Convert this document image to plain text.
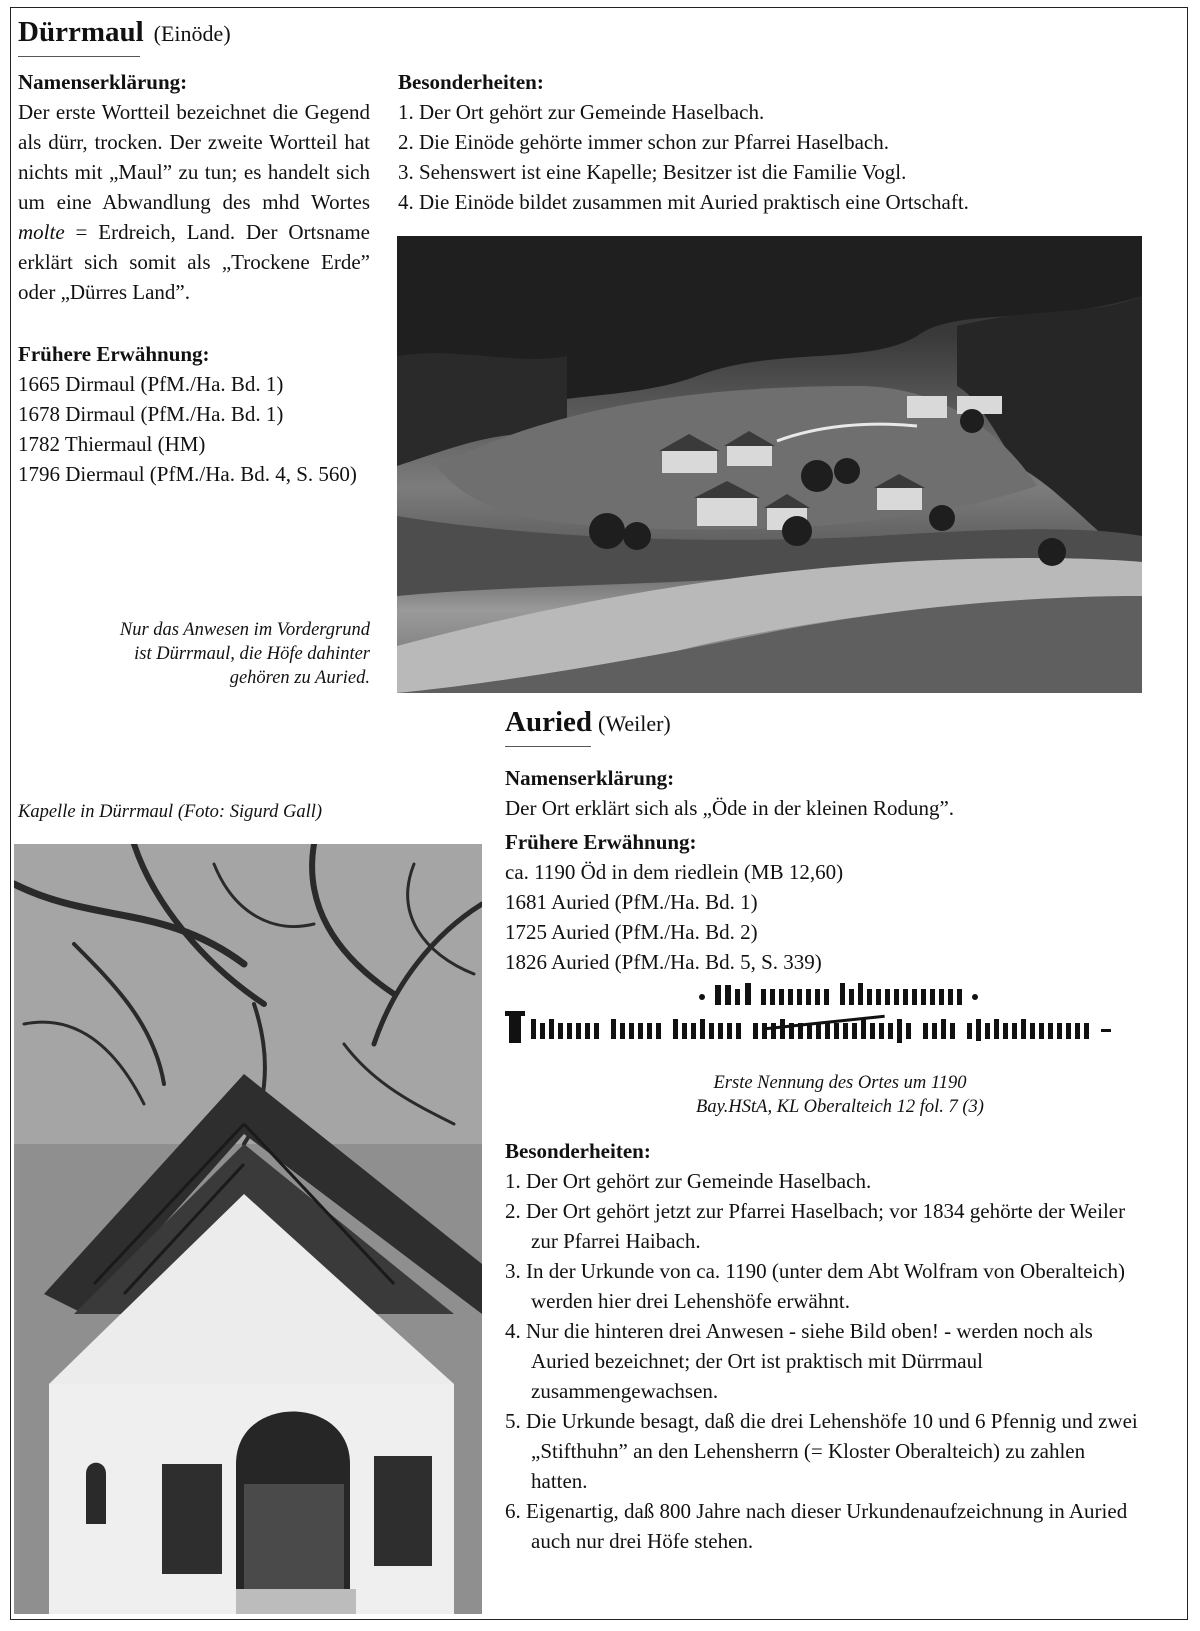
Dürrmaul (Einöde)
Namenserklärung:
Der erste Wortteil bezeichnet die Gegend als dürr, trocken. Der zweite Wortteil hat nichts mit „Maul” zu tun; es handelt sich um eine Abwandlung des mhd Wortes molte = Erdreich, Land. Der Ortsname erklärt sich somit als „Trockene Erde” oder „Dürres Land”.
Frühere Erwähnung:
1665 Dirmaul (PfM./Ha. Bd. 1)
1678 Dirmaul (PfM./Ha. Bd. 1)
1782 Thiermaul (HM)
1796 Diermaul (PfM./Ha. Bd. 4, S. 560)
Besonderheiten:
1. Der Ort gehört zur Gemeinde Haselbach.
2. Die Einöde gehörte immer schon zur Pfarrei Haselbach.
3. Sehenswert ist eine Kapelle; Besitzer ist die Familie Vogl.
4. Die Einöde bildet zusammen mit Auried praktisch eine Ortschaft.
Nur das Anwesen im Vordergrund
ist Dürrmaul, die Höfe dahinter
gehören zu Auried.
Kapelle in Dürrmaul (Foto: Sigurd Gall)
Auried (Weiler)
Namenserklärung:
Der Ort erklärt sich als „Öde in der kleinen Rodung”.
Frühere Erwähnung:
ca. 1190 Öd in dem riedlein (MB 12,60)
1681 Auried (PfM./Ha. Bd. 1)
1725 Auried (PfM./Ha. Bd. 2)
1826 Auried (PfM./Ha. Bd. 5, S. 339)
Erste Nennung des Ortes um 1190
Bay.HStA, KL Oberalteich 12 fol. 7 (3)
Besonderheiten:
1. Der Ort gehört zur Gemeinde Haselbach.
2. Der Ort gehört jetzt zur Pfarrei Haselbach; vor 1834 gehörte der Weiler zur Pfarrei Haibach.
3. In der Urkunde von ca. 1190 (unter dem Abt Wolfram von Oberalteich) werden hier drei Lehenshöfe erwähnt.
4. Nur die hinteren drei Anwesen - siehe Bild oben! - werden noch als Auried bezeichnet; der Ort ist praktisch mit Dürrmaul zusammengewachsen.
5. Die Urkunde besagt, daß die drei Lehenshöfe 10 und 6 Pfennig und zwei „Stifthuhn” an den Lehensherrn (= Kloster Oberalteich) zu zahlen hatten.
6. Eigenartig, daß 800 Jahre nach dieser Urkundenaufzeichnung in Auried auch nur drei Höfe stehen.
